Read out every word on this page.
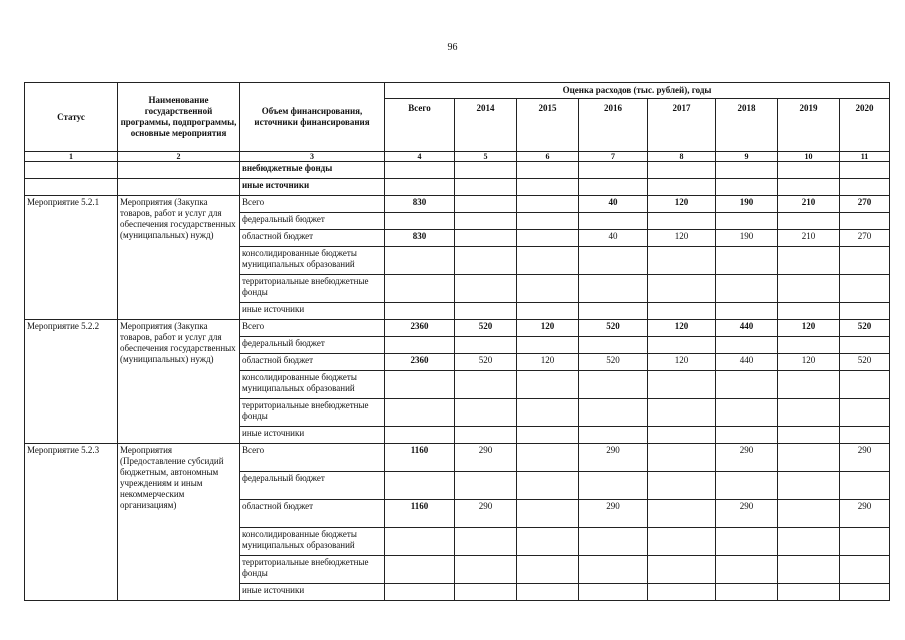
96
Статус	Наименование государственной программы, подпрограммы, основные мероприятия	Объем финансирования, источники финансирования	Оценка расходов (тыс. рублей), годы							
			Всего	2014	2015	2016	2017	2018	2019	2020
1	2	3	4	5	6	7	8	9	10	11
		внебюджетные фонды								
		иные источники								
Мероприятие 5.2.1	Мероприятия (Закупка товаров, работ и услуг для обеспечения государственных (муниципальных) нужд)	Всего	830			40	120	190	210	270
		федеральный бюджет								
		областной бюджет	830			40	120	190	210	270
		консолидированные бюджеты муниципальных образований								
		территориальные внебюджетные фонды								
		иные источники								
Мероприятие 5.2.2	Мероприятия (Закупка товаров, работ и услуг для обеспечения государственных (муниципальных) нужд)	Всего	2360	520	120	520	120	440	120	520
		федеральный бюджет								
		областной бюджет	2360	520	120	520	120	440	120	520
		консолидированные бюджеты муниципальных образований								
		территориальные внебюджетные фонды								
		иные источники								
Мероприятие 5.2.3	Мероприятия (Предоставление субсидий бюджетным, автономным учреждениям и иным некоммерческим организациям)	Всего	1160	290		290		290		290
		федеральный бюджет								
		областной бюджет	1160	290		290		290		290
		консолидированные бюджеты муниципальных образований								
		территориальные внебюджетные фонды								
		иные источники								
